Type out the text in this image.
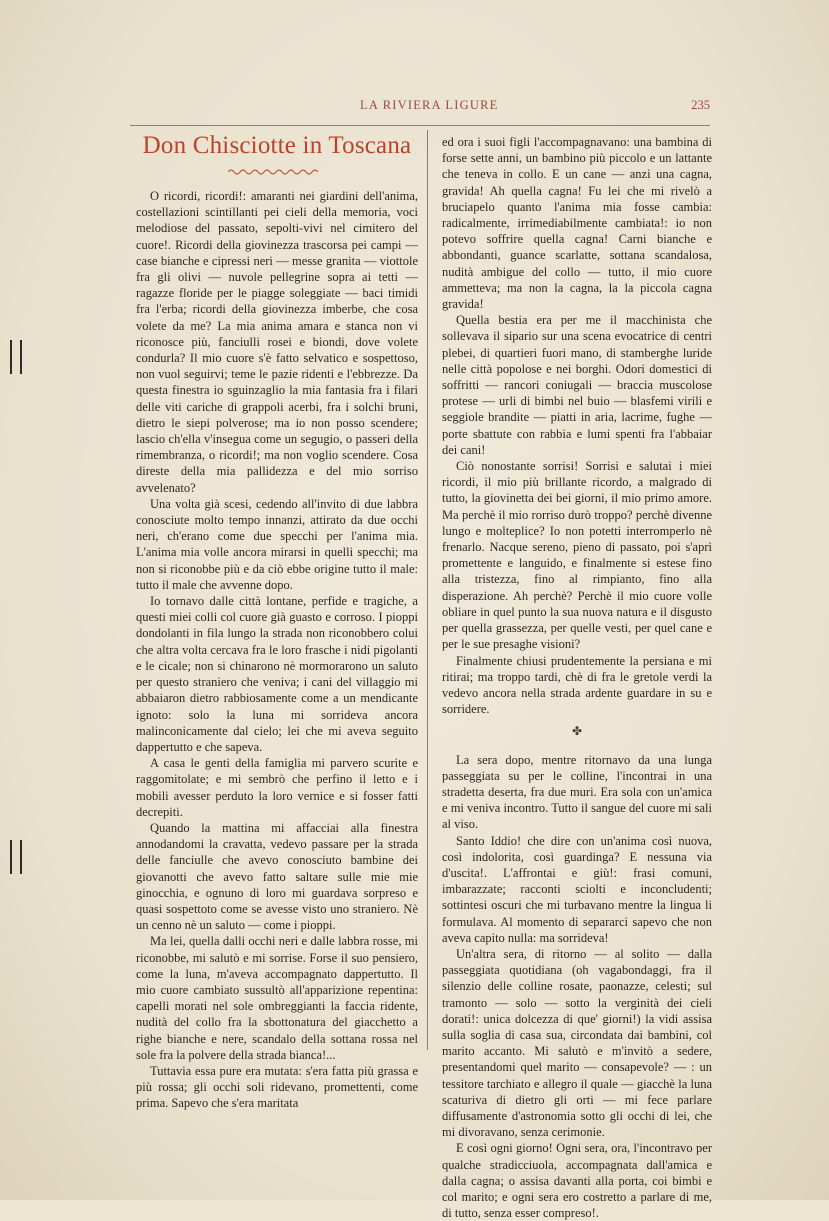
LA RIVIERA LIGURE	235
Don Chisciotte in Toscana

O ricordi, ricordi!: amaranti nei giardini dell'anima, costellazioni scintillanti pei cieli della memoria, voci melodiose del passato, sepolti-vivi nel cimitero del cuore!. Ricordi della giovinezza trascorsa pei campi — case bianche e cipressi neri — messe granita — viottole fra gli olivi — nuvole pellegrine sopra ai tetti — ragazze floride per le piagge soleggiate — baci timidi fra l'erba; ricordi della giovinezza imberbe, che cosa volete da me? La mia anima amara e stanca non vi riconosce più, fanciulli rosei e biondi, dove volete condurla? Il mio cuore s'è fatto selvatico e sospettoso, non vuol seguirvi; teme le pazie ridenti e l'ebbrezze. Da questa finestra io sguinzaglio la mia fantasia fra i filari delle viti cariche di grappoli acerbi, fra i solchi bruni, dietro le siepi polverose; ma io non posso scendere; lascio ch'ella v'insegua come un segugio, o passeri della rimembranza, o ricordi!; ma non voglio scendere. Cosa direste della mia pallidezza e del mio sorriso avvelenato?

Una volta già scesi, cedendo all'invito di due labbra conosciute molto tempo innanzi, attirato da due occhi neri, ch'erano come due specchi per l'anima mia. L'anima mia volle ancora mirarsi in quelli specchi; ma non si riconobbe più e da ciò ebbe origine tutto il male: tutto il male che avvenne dopo.

Io tornavo dalle città lontane, perfide e tragiche, a questi miei colli col cuore già guasto e corroso. I pioppi dondolanti in fila lungo la strada non riconobbero colui che altra volta cercava fra le loro frasche i nidi pigolanti e le cicale; non si chinarono nè mormorarono un saluto per questo straniero che veniva; i cani del villaggio mi abbaiaron dietro rabbiosamente come a un mendicante ignoto: solo la luna mi sorrideva ancora malinconicamente dal cielo; lei che mi aveva seguito dappertutto e che sapeva.

A casa le genti della famiglia mi parvero scurite e raggomitolate; e mi sembrò che perfino il letto e i mobili avesser perduto la loro vernice e si fosser fatti decrepiti.

Quando la mattina mi affacciai alla finestra annodandomi la cravatta, vedevo passare per la strada delle fanciulle che avevo conosciuto bambine dei giovanotti che avevo fatto saltare sulle mie mie ginocchia, e ognuno di loro mi guardava sorpreso e quasi sospettoto come se avesse visto uno straniero. Nè un cenno nè un saluto — come i pioppi.

Ma lei, quella dalli occhi neri e dalle labbra rosse, mi riconobbe, mi salutò e mi sorrise. Forse il suo pensiero, come la luna, m'aveva accompagnato dappertutto. Il mio cuore cambiato sussultò all'apparizione repentina: capelli morati nel sole ombreggianti la faccia ridente, nudità del collo fra la sbottonatura del giacchetto a righe bianche e nere, scandalo della sottana rossa nel sole fra la polvere della strada bianca!...

Tuttavia essa pure era mutata: s'era fatta più grassa e più rossa; gli occhi soli ridevano, promettenti, come prima. Sapevo che s'era maritata

ed ora i suoi figli l'accompagnavano: una bambina di forse sette anni, un bambino più piccolo e un lattante che teneva in collo. E un cane — anzi una cagna, gravida! Ah quella cagna! Fu lei che mi rivelò a bruciapelo quanto l'anima mia fosse cambia: radicalmente, irrimediabilmente cambiata!: io non potevo soffrire quella cagna! Carni bianche e abbondanti, guance scarlatte, sottana scandalosa, nudità ambigue del collo — tutto, il mio cuore ammetteva; ma non la cagna, la la piccola cagna gravida!

Quella bestia era per me il macchinista che sollevava il sipario sur una scena evocatrice di centri plebei, di quartieri fuori mano, di stamberghe luride nelle città popolose e nei borghi. Odori domestici di soffritti — rancori coniugali — braccia muscolose protese — urli di bimbi nel buio — blasfemi virili e seggiole brandite — piatti in aria, lacrime, fughe — porte sbattute con rabbia e lumi spenti fra l'abbaiar dei cani!

Ciò nonostante sorrisi! Sorrisi e salutai i miei ricordi, il mio più brillante ricordo, a malgrado di tutto, la giovinetta dei bei giorni, il mio primo amore. Ma perchè il mio rorriso durò troppo? perchè divenne lungo e molteplice? Io non potetti interromperlo nè frenarlo. Nacque sereno, pieno di passato, poi s'aprì promettente e languido, e finalmente si estese fino alla tristezza, fino al rimpianto, fino alla disperazione. Ah perchè? Perchè il mio cuore volle obliare in quel punto la sua nuova natura e il disgusto per quella grassezza, per quelle vesti, per quel cane e per le sue presaghe visioni?

Finalmente chiusi prudentemente la persiana e mi ritirai; ma troppo tardi, chè di fra le gretole verdi la vedevo ancora nella strada ardente guardare in su e sorridere.

✤

La sera dopo, mentre ritornavo da una lunga passeggiata su per le colline, l'incontrai in una stradetta deserta, fra due muri. Era sola con un'amica e mi veniva incontro. Tutto il sangue del cuore mi sali al viso.

Santo Iddio! che dire con un'anima così nuova, così indolorita, così guardinga? E nessuna via d'uscita!. L'affrontai e giù!: frasi comuni, imbarazzate; racconti sciolti e inconcludenti; sottintesi oscuri che mi turbavano mentre la lingua li formulava. Al momento di separarci sapevo che non aveva capito nulla: ma sorrideva!

Un'altra sera, di ritorno — al solito — dalla passeggiata quotidiana (oh vagabondaggi, fra il silenzio delle colline rosate, paonazze, celesti; sul tramonto — solo — sotto la verginità dei cieli dorati!: unica dolcezza di que' giorni!) la vidi assisa sulla soglia di casa sua, circondata dai bambini, col marito accanto. Mi salutò e m'invitò a sedere, presentandomi quel marito — consapevole? — : un tessitore tarchiato e allegro il quale — giacchè la luna scaturiva di dietro gli orti — mi fece parlare diffusamente d'astronomia sotto gli occhi di lei, che mi divoravano, senza cerimonie.

E così ogni giorno! Ogni sera, ora, l'incontravo per qualche stradicciuola, accompagnata dall'amica e dalla cagna; o assisa davanti alla porta, coi bimbi e col marito; e ogni sera ero costretto a parlare di me, di tutto, senza esser compreso!.
